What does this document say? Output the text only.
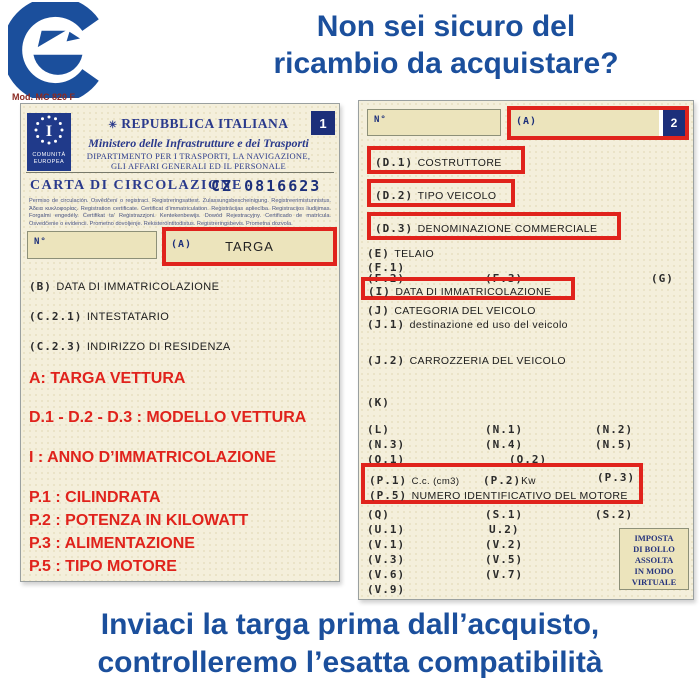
Non sei sicuro del
ricambio da acquistare?
Mod. MC 820 F
I
COMUNITÀ
EUROPEA
✳ REPUBBLICA ITALIANA
Ministero delle Infrastrutture e dei Trasporti
DIPARTIMENTO PER I TRASPORTI, LA NAVIGAZIONE,
GLI AFFARI GENERALI ED IL PERSONALE
1
CARTA DI CIRCOLAZIONE
CZ 0816623
Permiso de circulación. Osvědčení o registraci. Registreringsattest. Zulassungsbescheinigung. Registreerimistunnistus. Άδεια κυκλοφορίας. Registration certificate. Certificat d'immatriculation. Reģistrācijas apliecība. Registracijos liudijimas. Forgalmi engedély. Ċertifikat ta' Reġistrazzjoni. Kentekenbewijs. Dowód Rejestracyjny. Certificado de matrícula. Osvedčenie o evidencii. Prometno dovoljenje. Rekisteröintitodistus. Registreringsbevis. Prometna dozvola.
N°	(A)	TARGA
(B) DATA DI IMMATRICOLAZIONE
(C.2.1) INTESTATARIO
(C.2.3) INDIRIZZO DI RESIDENZA
A: TARGA VETTURA
D.1 - D.2 - D.3 : MODELLO VETTURA
I : ANNO D’IMMATRICOLAZIONE
P.1 : CILINDRATA
P.2 : POTENZA IN KILOWATT
P.3 : ALIMENTAZIONE
P.5 : TIPO MOTORE
N°	(A)	2
(D.1) COSTRUTTORE
(D.2) TIPO VEICOLO
(D.3) DENOMINAZIONE COMMERCIALE
(E) TELAIO
(F.1)
(F.2)	(F.3)	(G)
(I) DATA DI IMMATRICOLAZIONE
(J) CATEGORIA DEL VEICOLO
(J.1) destinazione ed uso del veicolo
(J.2) CARROZZERIA DEL VEICOLO
(K)
(L)	(N.1)	(N.2)
(N.3)	(N.4)	(N.5)
(O.1)	(O.2)
(P.1) C.c. (cm3) (P.2)Kw	(P.3)
(P.5) NUMERO IDENTIFICATIVO DEL MOTORE
(Q)	(S.1)	(S.2)
(U.1)	U.2)
(V.1)	(V.2)
(V.3)	(V.5)
(V.6)	(V.7)
(V.9)
IMPOSTA
DI BOLLO
ASSOLTA
IN MODO
VIRTUALE
Inviaci la targa prima dall’acquisto,
controlleremo l’esatta compatibilità
